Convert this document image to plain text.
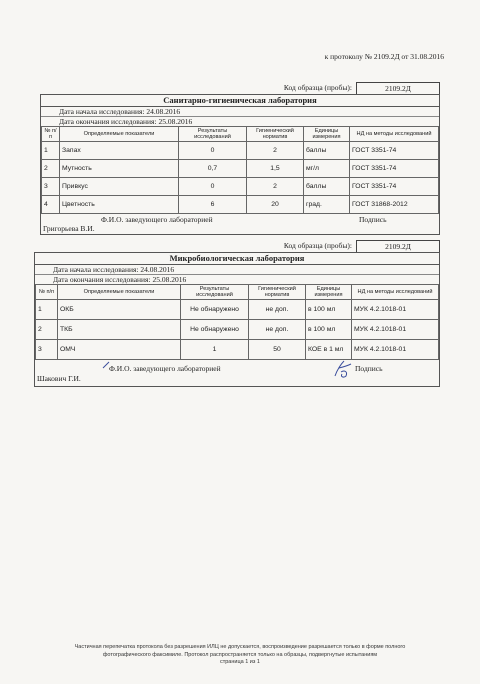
к протоколу № 2109.2Д от 31.08.2016
Код образца (пробы):	2109.2Д
Санитарно-гигиеническая лаборатория
Дата начала исследования: 24.08.2016
Дата окончания исследования: 25.08.2016
№ п/п	Определяемые показатели	Результаты исследований	Гигиенический норматив	Единицы измерения	НД на методы исследований
1	Запах	0	2	баллы	ГОСТ 3351-74
2	Мутность	0,7	1,5	мг/л	ГОСТ 3351-74
3	Привкус	0	2	баллы	ГОСТ 3351-74
4	Цветность	6	20	град.	ГОСТ 31868-2012
Ф.И.О. заведующего лабораторией
Григорьева В.И.
Подпись
Код образца (пробы):	2109.2Д
Микробиологическая лаборатория
Дата начала исследования: 24.08.2016
Дата окончания исследования: 25.08.2016
№ п/п	Определяемые показатели	Результаты исследований	Гигиенический норматив	Единицы измерения	НД на методы исследований
1	ОКБ	Не обнаружено	не доп.	в 100 мл	МУК 4.2.1018-01
2	ТКБ	Не обнаружено	не доп.	в 100 мл	МУК 4.2.1018-01
3	ОМЧ	1	50	КОЕ в 1 мл	МУК 4.2.1018-01
Ф.И.О. заведующего лабораторией
Шакович Г.И.
Подпись
Частичная перепечатка протокола без разрешения ИЛЦ не допускается, воспроизведение разрешается только в форме полного
фотографического факсимиле. Протокол распространяется только на образцы, подвергнутые испытаниям
страница 1 из 1
